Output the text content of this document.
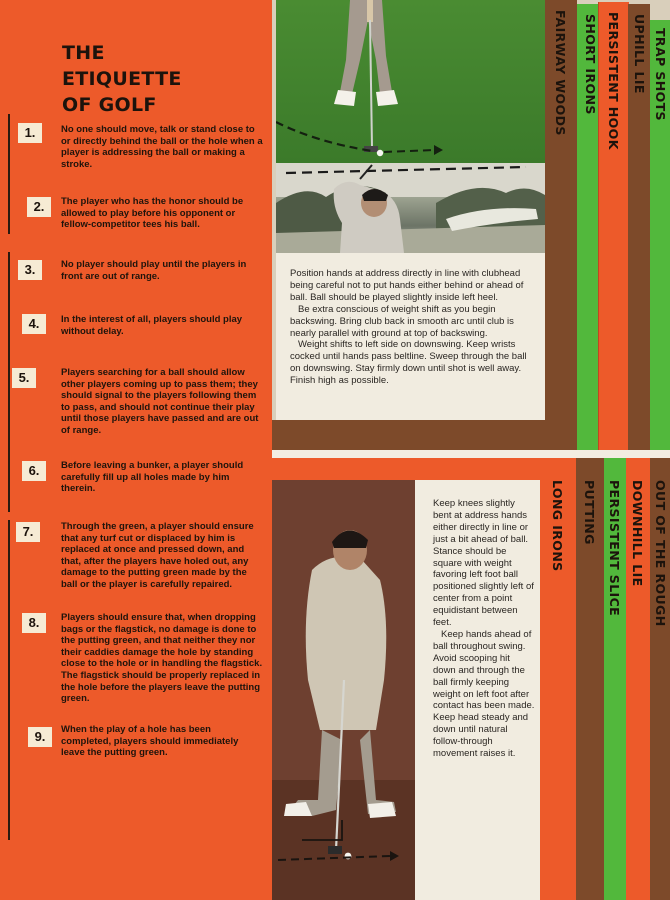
THE
ETIQUETTE
OF GOLF
1.	No one should move, talk or stand close to or directly behind the ball or the hole when a player is addressing the ball or making a stroke.
2.	The player who has the honor should be allowed to play before his opponent or fellow-competitor tees his ball.
3.	No player should play until the players in front are out of range.
4.	In the interest of all, players should play without delay.
5.	Players searching for a ball should allow other players coming up to pass them; they should signal to the players following them to pass, and should not continue their play until those players have passed and are out of range.
6.	Before leaving a bunker, a player should carefully fill up all holes made by him therein.
7.	Through the green, a player should ensure that any turf cut or displaced by him is replaced at once and pressed down, and that, after the players have holed out, any damage to the putting green made by the ball or the player is carefully repaired.
8.	Players should ensure that, when dropping bags or the flagstick, no damage is done to the putting green, and that neither they nor their caddies damage the hole by standing close to the hole or in handling the flagstick. The flagstick should be properly replaced in the hole before the players leave the putting green.
9.	When the play of a hole has been completed, players should immediately leave the putting green.

Position hands at address directly in line with clubhead being careful not to put hands either behind or ahead of ball. Ball should be played slightly inside left heel.

Be extra conscious of weight shift as you begin backswing. Bring club back in smooth arc until club is nearly parallel with ground at top of backswing.

Weight shifts to left side on downswing. Keep wrists cocked until hands pass beltline. Sweep through the ball on downswing. Stay firmly down until shot is well away. Finish high as possible.

FAIRWAY WOODS SHORT IRONS PERSISTENT HOOK UPHILL LIE TRAP SHOTS

Keep knees slightly bent at address hands either directly in line or just a bit ahead of ball. Stance should be square with weight favoring left foot ball positioned slightly left of center from a point equidistant between feet.

Keep hands ahead of ball throughout swing. Avoid scooping hit down and through the ball firmly keeping weight on left foot after contact has been made. Keep head steady and down until natural follow-through movement raises it.

LONG IRONS PUTTING PERSISTENT SLICE DOWNHILL LIE OUT OF THE ROUGH
